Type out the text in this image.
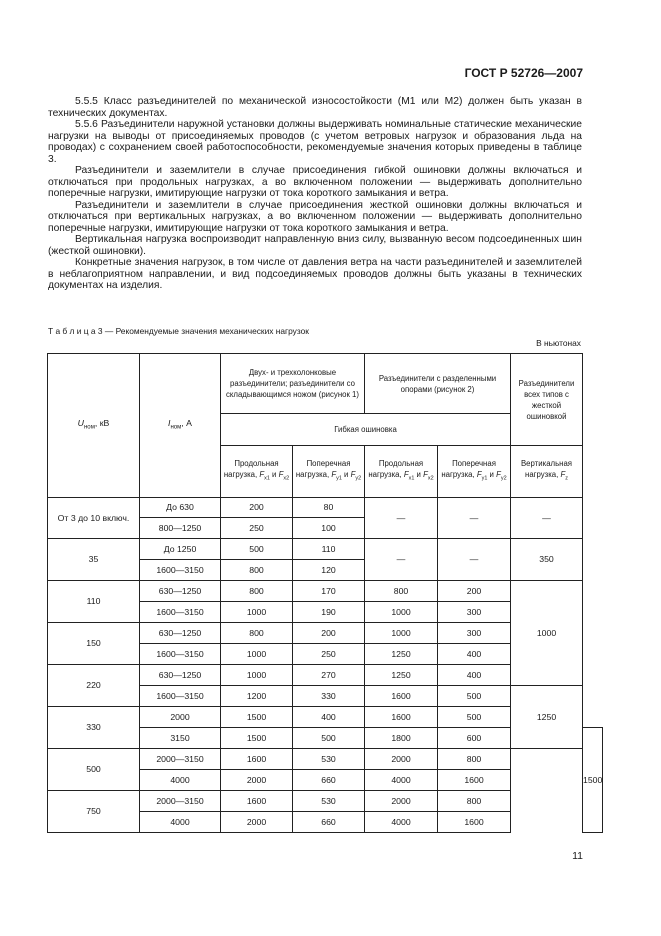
ГОСТ Р 52726—2007

5.5.5 Класс разъединителей по механической износостойкости (М1 или М2) должен быть указан в технических документах.

5.5.6 Разъединители наружной установки должны выдерживать номинальные статические механические нагрузки на выводы от присоединяемых проводов (с учетом ветровых нагрузок и образования льда на проводах) с сохранением своей работоспособности, рекомендуемые значения которых приведены в таблице 3.

Разъединители и заземлители в случае присоединения гибкой ошиновки должны включаться и отключаться при продольных нагрузках, а во включенном положении — выдерживать дополнительно поперечные нагрузки, имитирующие нагрузки от тока короткого замыкания и ветра.

Разъединители и заземлители в случае присоединения жесткой ошиновки должны включаться и отключаться при вертикальных нагрузках, а во включенном положении — выдерживать дополнительно поперечные нагрузки, имитирующие нагрузки от тока короткого замыкания и ветра.

Вертикальная нагрузка воспроизводит направленную вниз силу, вызванную весом подсоединенных шин (жесткой ошиновки).

Конкретные значения нагрузок, в том числе от давления ветра на части разъединителей и заземлителей в неблагоприятном направлении, и вид подсоединяемых проводов должны быть указаны в технических документах на изделия.

Т а б л и ц а 3 — Рекомендуемые значения механических нагрузок
В ньютонах
$U_{ном}$, кВ	$I_{ном}$, А	Двух- и трехколонковые разъединители; разъединители со складывающимся ножом (рисунок 1)		Разъединители с разделенными опорами (рисунок 2)		Разъединители всех типов с жесткой ошиновкой	
		Гибкая ошиновка					
		Продольная нагрузка, $F_{x1}$ и $F_{x2}$	Поперечная нагрузка, $F_{y1}$ и $F_{y2}$	Продольная нагрузка, $F_{x1}$ и $F_{x2}$	Поперечная нагрузка, $F_{y1}$ и $F_{y2}$	Вертикальная нагрузка, $F_z$
От 3 до 10 включ.	До 630	200	80	—	—	—	
	800—1250	250	100				
35	До 1250	500	110	—	—	350	
	1600—3150	800	120				
110	630—1250	800	170	800	200	1000	
	1600—3150	1000	190	1000	300		
150	630—1250	800	200	1000	300		
	1600—3150	1000	250	1250	400		
220	630—1250	1000	270	1250	400		
	1600—3150	1200	330	1600	500	1250	
330	2000	1500	400	1600	500		
	3150	1500	500	1800	600		1500
500	2000—3150	1600	530	2000	800		
	4000	2000	660	4000	1600		
750	2000—3150	1600	530	2000	800		
	4000	2000	660	4000	1600		
11
